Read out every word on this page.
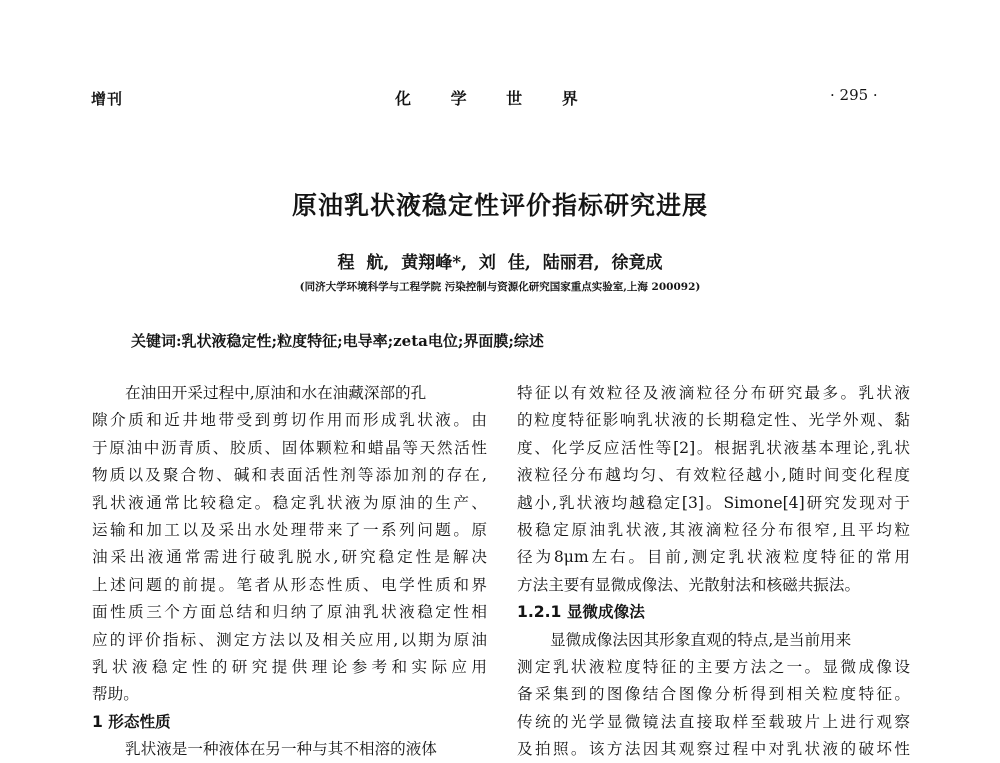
增刊	化 学 世 界	· 295 ·
原油乳状液稳定性评价指标研究进展
程 航, 黄翔峰*, 刘 佳, 陆丽君, 徐竟成
(同济大学环境科学与工程学院 污染控制与资源化研究国家重点实验室,上海 200092)
关键词:乳状液稳定性;粒度特征;电导率;zeta电位;界面膜;综述
在油田开采过程中,原油和水在油藏深部的孔
隙介质和近井地带受到剪切作用而形成乳状液。由
于原油中沥青质、胶质、固体颗粒和蜡晶等天然活性
物质以及聚合物、碱和表面活性剂等添加剂的存在,
乳状液通常比较稳定。稳定乳状液为原油的生产、
运输和加工以及采出水处理带来了一系列问题。原
油采出液通常需进行破乳脱水,研究稳定性是解决
上述问题的前提。笔者从形态性质、电学性质和界
面性质三个方面总结和归纳了原油乳状液稳定性相
应的评价指标、测定方法以及相关应用,以期为原油
乳状液稳定性的研究提供理论参考和实际应用
帮助。
1 形态性质
乳状液是一种液体在另一种与其不相溶的液体
特征以有效粒径及液滴粒径分布研究最多。乳状液
的粒度特征影响乳状液的长期稳定性、光学外观、黏
度、化学反应活性等[2]。根据乳状液基本理论,乳状
液粒径分布越均匀、有效粒径越小,随时间变化程度
越小,乳状液均越稳定[3]。Simone[4]研究发现对于
极稳定原油乳状液,其液滴粒径分布很窄,且平均粒
径为8μm左右。目前,测定乳状液粒度特征的常用
方法主要有显微成像法、光散射法和核磁共振法。
1.2.1 显微成像法
显微成像法因其形象直观的特点,是当前用来
测定乳状液粒度特征的主要方法之一。显微成像设
备采集到的图像结合图像分析得到相关粒度特征。
传统的光学显微镜法直接取样至载玻片上进行观察
及拍照。该方法因其观察过程中对乳状液的破坏性
